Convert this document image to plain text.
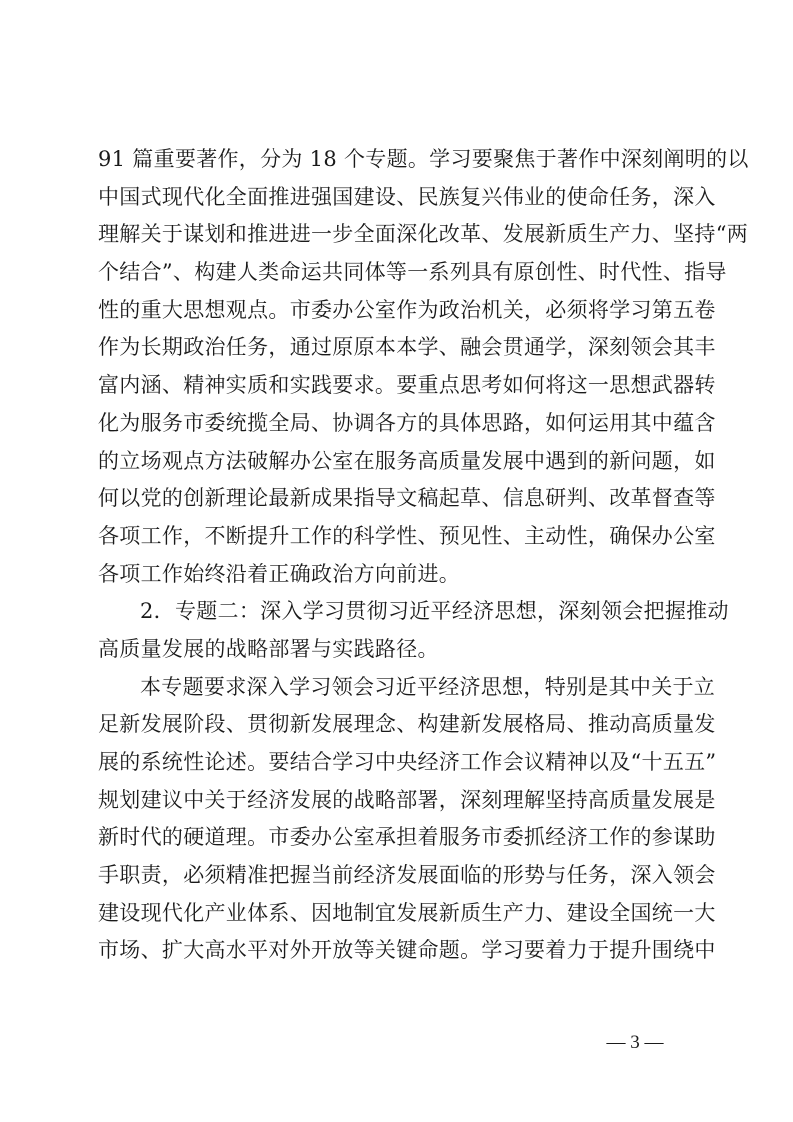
91 篇重要著作，分为 18 个专题。学习要聚焦于著作中深刻阐明的以
中国式现代化全面推进强国建设、民族复兴伟业的使命任务，深入
理解关于谋划和推进进一步全面深化改革、发展新质生产力、坚持“两
个结合”、构建人类命运共同体等一系列具有原创性、时代性、指导
性的重大思想观点。市委办公室作为政治机关，必须将学习第五卷
作为长期政治任务，通过原原本本学、融会贯通学，深刻领会其丰
富内涵、精神实质和实践要求。要重点思考如何将这一思想武器转
化为服务市委统揽全局、协调各方的具体思路，如何运用其中蕴含
的立场观点方法破解办公室在服务高质量发展中遇到的新问题，如
何以党的创新理论最新成果指导文稿起草、信息研判、改革督查等
各项工作，不断提升工作的科学性、预见性、主动性，确保办公室
各项工作始终沿着正确政治方向前进。
2．专题二：深入学习贯彻习近平经济思想，深刻领会把握推动
高质量发展的战略部署与实践路径。
本专题要求深入学习领会习近平经济思想，特别是其中关于立
足新发展阶段、贯彻新发展理念、构建新发展格局、推动高质量发
展的系统性论述。要结合学习中央经济工作会议精神以及“十五五”
规划建议中关于经济发展的战略部署，深刻理解坚持高质量发展是
新时代的硬道理。市委办公室承担着服务市委抓经济工作的参谋助
手职责，必须精准把握当前经济发展面临的形势与任务，深入领会
建设现代化产业体系、因地制宜发展新质生产力、建设全国统一大
市场、扩大高水平对外开放等关键命题。学习要着力于提升围绕中
— 3 —
